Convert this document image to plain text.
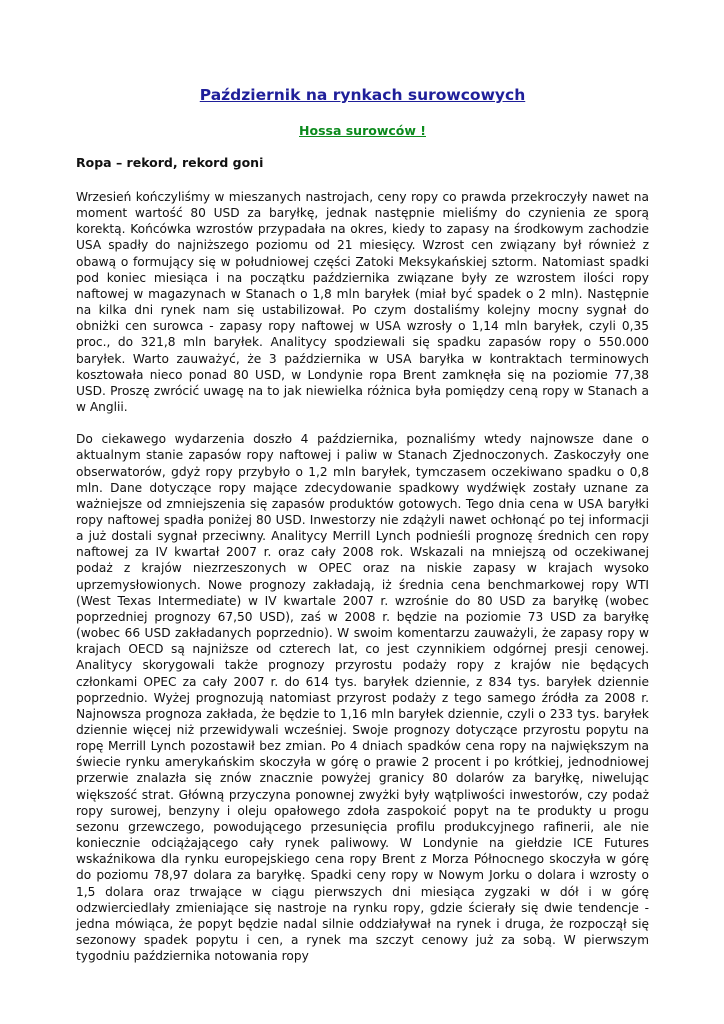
Październik na rynkach surowcowych
Hossa surowców !
Ropa – rekord, rekord goni

Wrzesień kończyliśmy w mieszanych nastrojach, ceny ropy co prawda przekroczyły nawet na moment wartość 80 USD za baryłkę, jednak następnie mieliśmy do czynienia ze sporą korektą. Końcówka wzrostów przypadała na okres, kiedy to zapasy na środkowym zachodzie USA spadły do najniższego poziomu od 21 miesięcy. Wzrost cen związany był również z obawą o formujący się w południowej części Zatoki Meksykańskiej sztorm. Natomiast spadki pod koniec miesiąca i na początku października związane były ze wzrostem ilości ropy naftowej w magazynach w Stanach o 1,8 mln baryłek (miał być spadek o 2 mln). Następnie na kilka dni rynek nam się ustabilizował. Po czym dostaliśmy kolejny mocny sygnał do obniżki cen surowca - zapasy ropy naftowej w USA wzrosły o 1,14 mln baryłek, czyli 0,35 proc., do 321,8 mln baryłek. Analitycy spodziewali się spadku zapasów ropy o 550.000 baryłek. Warto zauważyć, że 3 października w USA baryłka w kontraktach terminowych kosztowała nieco ponad 80 USD, w Londynie ropa Brent zamknęła się na poziomie 77,38 USD. Proszę zwrócić uwagę na to jak niewielka różnica była pomiędzy ceną ropy w Stanach a w Anglii.

Do ciekawego wydarzenia doszło 4 października, poznaliśmy wtedy najnowsze dane o aktualnym stanie zapasów ropy naftowej i paliw w Stanach Zjednoczonych. Zaskoczyły one obserwatorów, gdyż ropy przybyło o 1,2 mln baryłek, tymczasem oczekiwano spadku o 0,8 mln. Dane dotyczące ropy mające zdecydowanie spadkowy wydźwięk zostały uznane za ważniejsze od zmniejszenia się zapasów produktów gotowych. Tego dnia cena w USA baryłki ropy naftowej spadła poniżej 80 USD. Inwestorzy nie zdążyli nawet ochłonąć po tej informacji a już dostali sygnał przeciwny. Analitycy Merrill Lynch podnieśli prognozę średnich cen ropy naftowej za IV kwartał 2007 r. oraz cały 2008 rok. Wskazali na mniejszą od oczekiwanej podaż z krajów niezrzeszonych w OPEC oraz na niskie zapasy w krajach wysoko uprzemysłowionych. Nowe prognozy zakładają, iż średnia cena benchmarkowej ropy WTI (West Texas Intermediate) w IV kwartale 2007 r. wzrośnie do 80 USD za baryłkę (wobec poprzedniej prognozy 67,50 USD), zaś w 2008 r. będzie na poziomie 73 USD za baryłkę (wobec 66 USD zakładanych poprzednio). W swoim komentarzu zauważyli, że zapasy ropy w krajach OECD są najniższe od czterech lat, co jest czynnikiem odgórnej presji cenowej. Analitycy skorygowali także prognozy przyrostu podaży ropy z krajów nie będących członkami OPEC za cały 2007 r. do 614 tys. baryłek dziennie, z 834 tys. baryłek dziennie poprzednio. Wyżej prognozują natomiast przyrost podaży z tego samego źródła za 2008 r. Najnowsza prognoza zakłada, że będzie to 1,16 mln baryłek dziennie, czyli o 233 tys. baryłek dziennie więcej niż przewidywali wcześniej. Swoje prognozy dotyczące przyrostu popytu na ropę Merrill Lynch pozostawił bez zmian. Po 4 dniach spadków cena ropy na największym na świecie rynku amerykańskim skoczyła w górę o prawie 2 procent i po krótkiej, jednodniowej przerwie znalazła się znów znacznie powyżej granicy 80 dolarów za baryłkę, niwelując większość strat. Główną przyczyna ponownej zwyżki były wątpliwości inwestorów, czy podaż ropy surowej, benzyny i oleju opałowego zdoła zaspokoić popyt na te produkty u progu sezonu grzewczego, powodującego przesunięcia profilu produkcyjnego rafinerii, ale nie koniecznie odciążającego cały rynek paliwowy. W Londynie na giełdzie ICE Futures wskaźnikowa dla rynku europejskiego cena ropy Brent z Morza Północnego skoczyła w górę do poziomu 78,97 dolara za baryłkę. Spadki ceny ropy w Nowym Jorku o dolara i wzrosty o 1,5 dolara oraz trwające w ciągu pierwszych dni miesiąca zygzaki w dół i w górę odzwierciedlały zmieniające się nastroje na rynku ropy, gdzie ścierały się dwie tendencje - jedna mówiąca, że popyt będzie nadal silnie oddziaływał na rynek i druga, że rozpoczął się sezonowy spadek popytu i cen, a rynek ma szczyt cenowy już za sobą. W pierwszym tygodniu października notowania ropy
